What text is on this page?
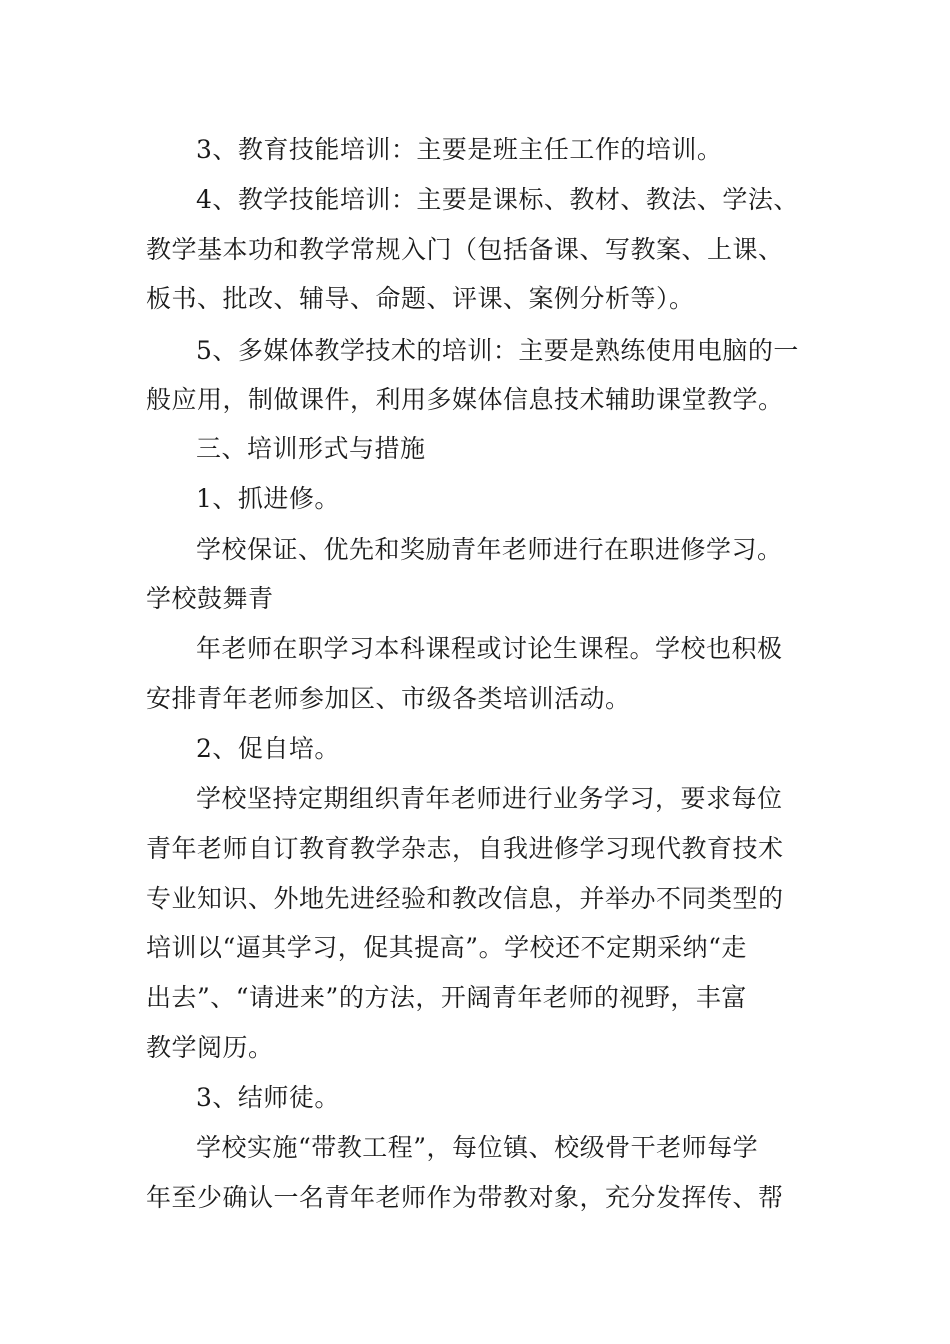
3、教育技能培训：主要是班主任工作的培训。
4、教学技能培训：主要是课标、教材、教法、学法、
教学基本功和教学常规入门（包括备课、写教案、上课、
板书、批改、辅导、命题、评课、案例分析等）。
5、多媒体教学技术的培训：主要是熟练使用电脑的一
般应用，制做课件，利用多媒体信息技术辅助课堂教学。
三、培训形式与措施
1、抓进修。
学校保证、优先和奖励青年老师进行在职进修学习。
学校鼓舞青
年老师在职学习本科课程或讨论生课程。学校也积极
安排青年老师参加区、市级各类培训活动。
2、促自培。
学校坚持定期组织青年老师进行业务学习，要求每位
青年老师自订教育教学杂志，自我进修学习现代教育技术
专业知识、外地先进经验和教改信息，并举办不同类型的
培训以“逼其学习，促其提高”。学校还不定期采纳“走
出去”、“请进来”的方法，开阔青年老师的视野，丰富
教学阅历。
3、结师徒。
学校实施“带教工程”，每位镇、校级骨干老师每学
年至少确认一名青年老师作为带教对象，充分发挥传、帮
